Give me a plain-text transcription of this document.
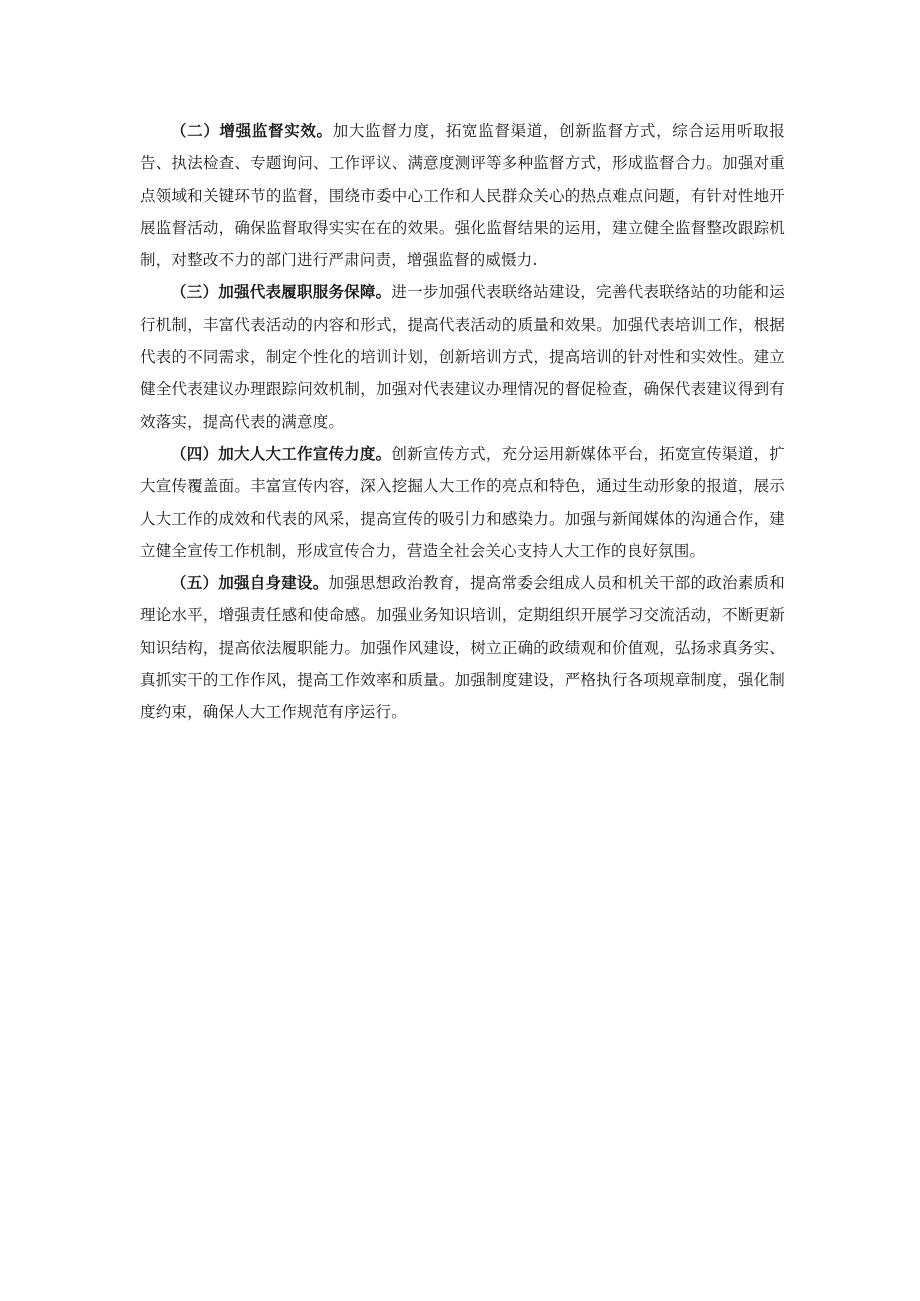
（二）增强监督实效。加大监督力度，拓宽监督渠道，创新监督方式，综合运用听取报告、执法检查、专题询问、工作评议、满意度测评等多种监督方式，形成监督合力。加强对重点领域和关键环节的监督，围绕市委中心工作和人民群众关心的热点难点问题，有针对性地开展监督活动，确保监督取得实实在在的效果。强化监督结果的运用，建立健全监督整改跟踪机制，对整改不力的部门进行严肃问责，增强监督的威慑力.

（三）加强代表履职服务保障。进一步加强代表联络站建设，完善代表联络站的功能和运行机制，丰富代表活动的内容和形式，提高代表活动的质量和效果。加强代表培训工作，根据代表的不同需求，制定个性化的培训计划，创新培训方式，提高培训的针对性和实效性。建立健全代表建议办理跟踪问效机制，加强对代表建议办理情况的督促检查，确保代表建议得到有效落实，提高代表的满意度。

（四）加大人大工作宣传力度。创新宣传方式，充分运用新媒体平台，拓宽宣传渠道，扩大宣传覆盖面。丰富宣传内容，深入挖掘人大工作的亮点和特色，通过生动形象的报道，展示人大工作的成效和代表的风采，提高宣传的吸引力和感染力。加强与新闻媒体的沟通合作，建立健全宣传工作机制，形成宣传合力，营造全社会关心支持人大工作的良好氛围。

（五）加强自身建设。加强思想政治教育，提高常委会组成人员和机关干部的政治素质和理论水平，增强责任感和使命感。加强业务知识培训，定期组织开展学习交流活动，不断更新知识结构，提高依法履职能力。加强作风建设，树立正确的政绩观和价值观，弘扬求真务实、真抓实干的工作作风，提高工作效率和质量。加强制度建设，严格执行各项规章制度，强化制度约束，确保人大工作规范有序运行。
